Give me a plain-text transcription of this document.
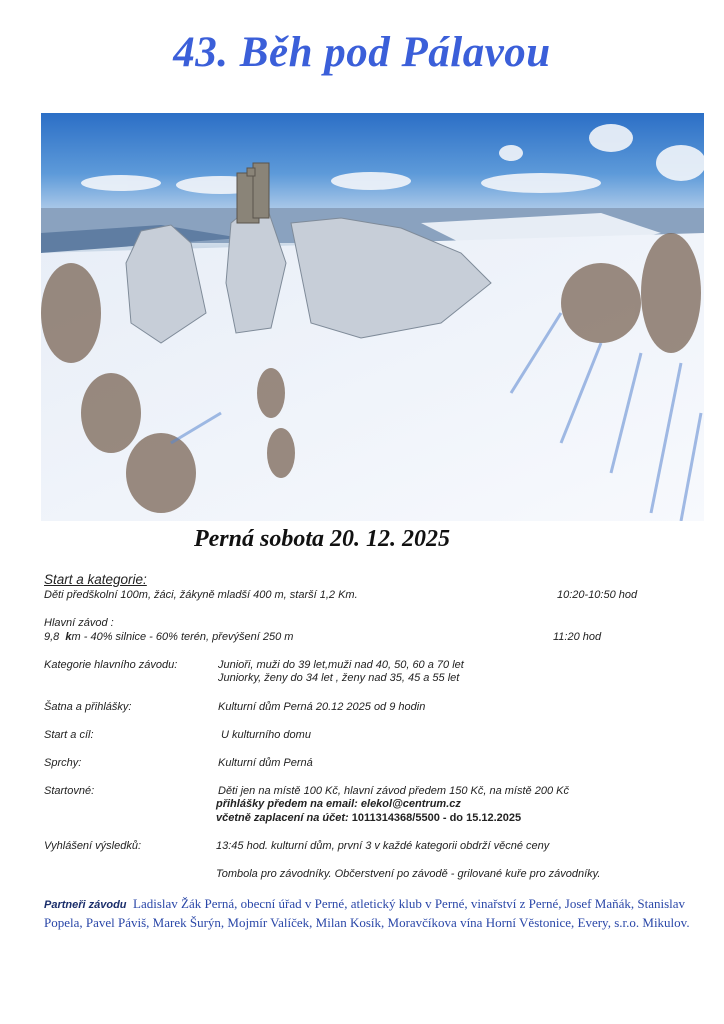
43. Běh pod Pálavou
Perná sobota 20. 12. 2025
Start a kategorie:
Děti předškolní 100m, žáci, žákyně mladší 400 m, starší 1,2 Km.	10:20-10:50 hod
Hlavní závod :
9,8 km - 40% silnice - 60% terén, převýšení 250 m	11:20 hod
Kategorie hlavního závodu:	Junioři, muži do 39 let,muži nad 40, 50, 60 a 70 let
Juniorky, ženy do 34 let , ženy nad 35, 45 a 55 let
Šatna a přihlášky:	Kulturní dům Perná 20.12 2025 od 9 hodin
Start a cíl:	U kulturního domu
Sprchy:	Kulturní dům Perná
Startovné:	Děti jen na místě 100 Kč, hlavní závod předem 150 Kč, na místě 200 Kč
přihlášky předem na email: elekol@centrum.cz
včetně zaplacení na účet: 1011314368/5500 - do 15.12.2025
Vyhlášení výsledků:	13:45 hod. kulturní dům, první 3 v každé kategorii obdrží věcné ceny
Tombola pro závodníky. Občerstvení po závodě - grilované kuře pro závodníky.
Partneři závodu  Ladislav Žák Perná, obecní úřad v Perné, atletický klub v Perné, vinařství z Perné, Josef Maňák, Stanislav  Popela, Pavel Páviš, Marek Šurýn, Mojmír Valíček, Milan Kosík, Moravčíkova vína Horní Věstonice, Every, s.r.o. Mikulov.
